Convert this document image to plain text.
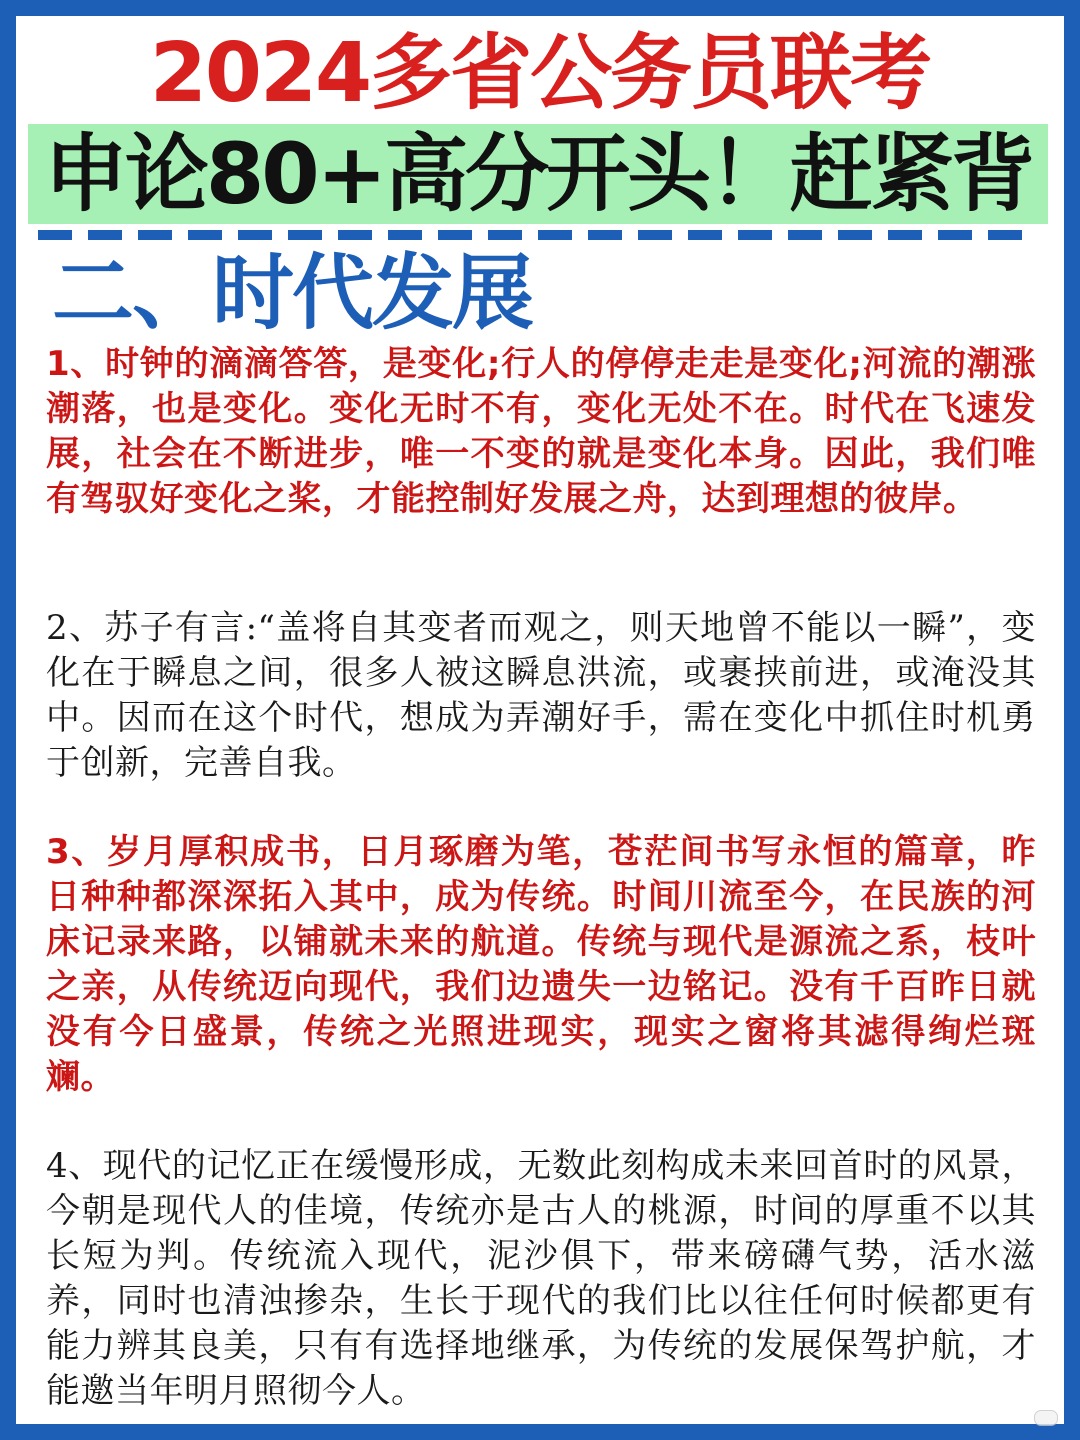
2024多省公务员联考
申论80+高分开头！赶紧背
二、时代发展

1、时钟的滴滴答答，是变化;行人的停停走走是变化;河流的潮涨潮落，也是变化。变化无时不有，变化无处不在。时代在飞速发展，社会在不断进步，唯一不变的就是变化本身。因此，我们唯有驾驭好变化之桨，才能控制好发展之舟，达到理想的彼岸。

2、苏子有言:“盖将自其变者而观之，则天地曾不能以一瞬”，变化在于瞬息之间，很多人被这瞬息洪流，或裹挟前进，或淹没其中。因而在这个时代，想成为弄潮好手，需在变化中抓住时机勇于创新，完善自我。

3、岁月厚积成书，日月琢磨为笔，苍茫间书写永恒的篇章，昨日种种都深深拓入其中，成为传统。时间川流至今，在民族的河床记录来路，以铺就未来的航道。传统与现代是源流之系，枝叶之亲，从传统迈向现代，我们边遗失一边铭记。没有千百昨日就没有今日盛景，传统之光照进现实，现实之窗将其滤得绚烂斑斓。

4、现代的记忆正在缓慢形成，无数此刻构成未来回首时的风景，今朝是现代人的佳境，传统亦是古人的桃源，时间的厚重不以其长短为判。传统流入现代，泥沙俱下，带来磅礴气势，活水滋养，同时也清浊掺杂，生长于现代的我们比以往任何时候都更有能力辨其良美，只有有选择地继承，为传统的发展保驾护航，才能邀当年明月照彻今人。
